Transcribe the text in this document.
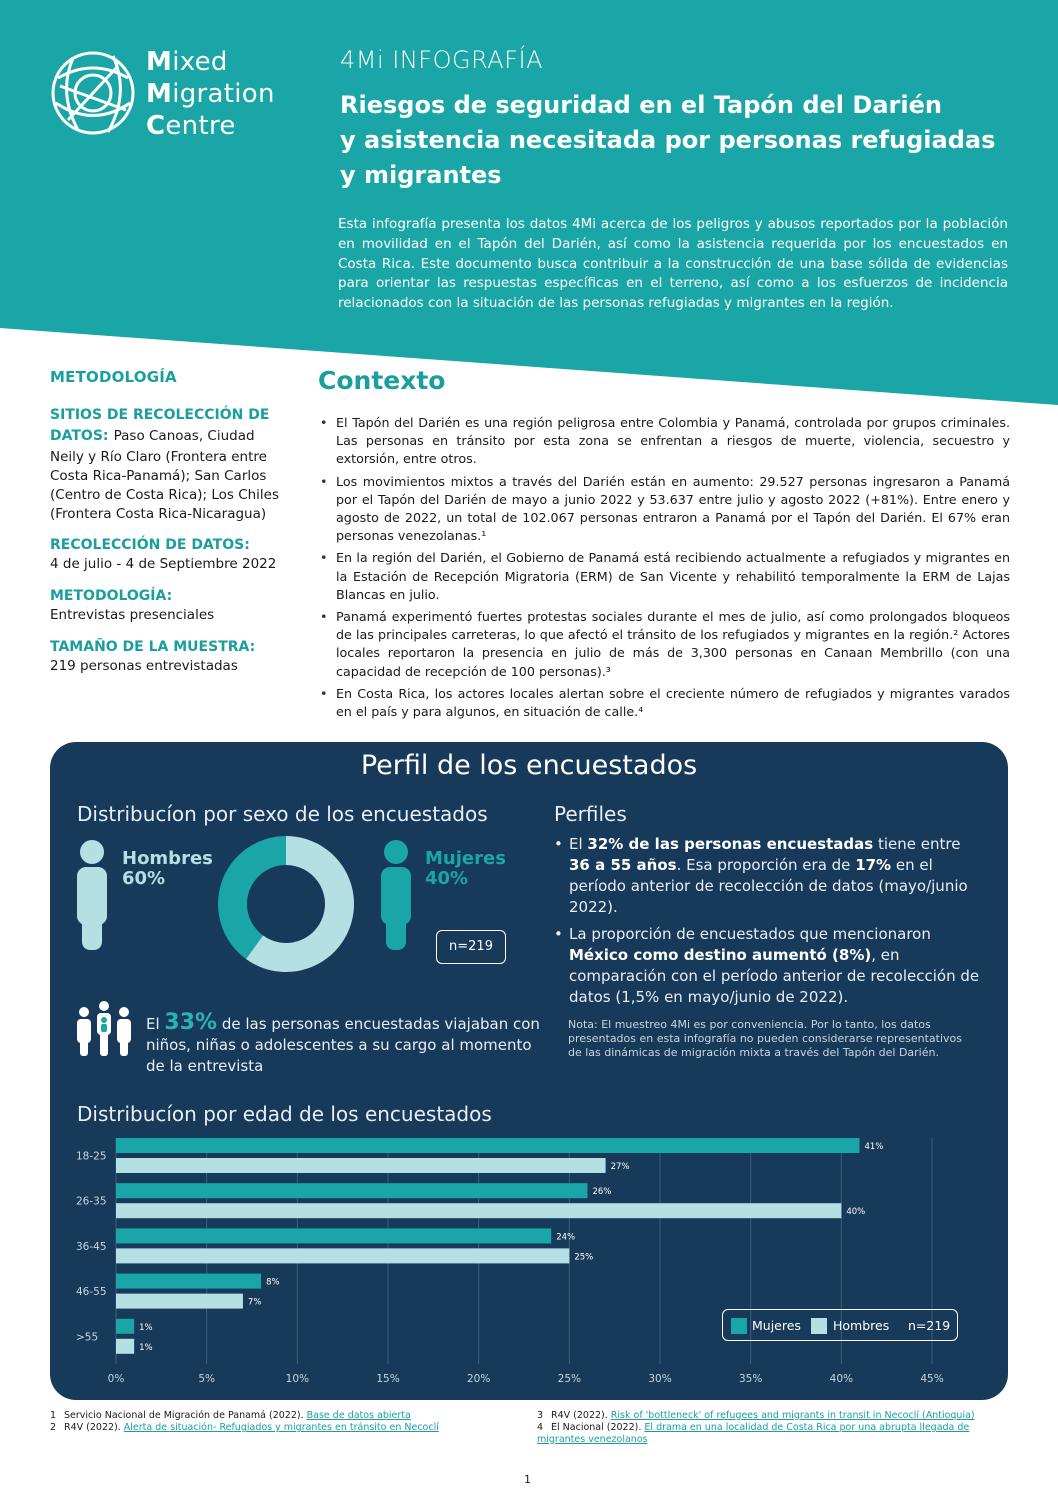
Mixed
Migration
Centre
4Mi INFOGRAFÍA
Riesgos de seguridad en el Tapón del Darién
y asistencia necesitada por personas refugiadas
y migrantes

Esta infografía presenta los datos 4Mi acerca de los peligros y abusos reportados por la población en movilidad en el Tapón del Darién, así como la asistencia requerida por los encuestados en Costa Rica. Este documento busca contribuir a la construcción de una base sólida de evidencias para orientar las respuestas específicas en el terreno, así como a los esfuerzos de incidencia relacionados con la situación de las personas refugiadas y migrantes en la región.

METODOLOGÍA
SITIOS DE RECOLECCIÓN DE DATOS: Paso Canoas, Ciudad Neily y Río Claro (Frontera entre Costa Rica-Panamá); San Carlos (Centro de Costa Rica); Los Chiles (Frontera Costa Rica-Nicaragua)
RECOLECCIÓN DE DATOS:
4 de julio - 4 de Septiembre 2022
METODOLOGÍA:
Entrevistas presenciales
TAMAÑO DE LA MUESTRA:
219 personas entrevistadas
Contexto
• El Tapón del Darién es una región peligrosa entre Colombia y Panamá, controlada por grupos criminales. Las personas en tránsito por esta zona se enfrentan a riesgos de muerte, violencia, secuestro y extorsión, entre otros.
• Los movimientos mixtos a través del Darién están en aumento: 29.527 personas ingresaron a Panamá por el Tapón del Darién de mayo a junio 2022 y 53.637 entre julio y agosto 2022 (+81%). Entre enero y agosto de 2022, un total de 102.067 personas entraron a Panamá por el Tapón del Darién. El 67% eran personas venezolanas.¹
• En la región del Darién, el Gobierno de Panamá está recibiendo actualmente a refugiados y migrantes en la Estación de Recepción Migratoria (ERM) de San Vicente y rehabilitó temporalmente la ERM de Lajas Blancas en julio.
• Panamá experimentó fuertes protestas sociales durante el mes de julio, así como prolongados bloqueos de las principales carreteras, lo que afectó el tránsito de los refugiados y migrantes en la región.² Actores locales reportaron la presencia en julio de más de 3,300 personas en Canaan Membrillo (con una capacidad de recepción de 100 personas).³
• En Costa Rica, los actores locales alertan sobre el creciente número de refugiados y migrantes varados en el país y para algunos, en situación de calle.⁴
Perfil de los encuestados
Distribucíon por sexo de los encuestados	Perfiles
Hombres
60%
Mujeres
40%
n=219
• El 32% de las personas encuestadas tiene entre 36 a 55 años. Esa proporción era de 17% en el período anterior de recolección de datos (mayo/junio 2022).
• La proporción de encuestados que mencionaron México como destino aumentó (8%), en comparación con el período anterior de recolección de datos (1,5% en mayo/junio de 2022).
El 33% de las personas encuestadas viajaban con niños, niñas o adolescentes a su cargo al momento de la entrevista
Nota: El muestreo 4Mi es por conveniencia. Por lo tanto, los datos presentados en esta infografía no pueden considerarse representativos de las dinámicas de migración mixta a través del Tapón del Darién.
Distribucíon por edad de los encuestados
0%	5%	10%	15%	20%	25%	30%	35%	40%	45%
18-25
41%
27%
26-35
26%
40%
36-45
24%
25%
46-55
8%
7%
>55
1%
1%
Mujeres	Hombres n=219
1 Servicio Nacional de Migración de Panamá (2022). Base de datos abierta
2 R4V (2022). Alerta de situación- Refugiados y migrantes en tránsito en Necoclí
3 R4V (2022). Risk of 'bottleneck' of refugees and migrants in transit in Necoclí (Antioquia)
4 El Nacional (2022). El drama en una localidad de Costa Rica por una abrupta llegada de migrantes venezolanos
1
